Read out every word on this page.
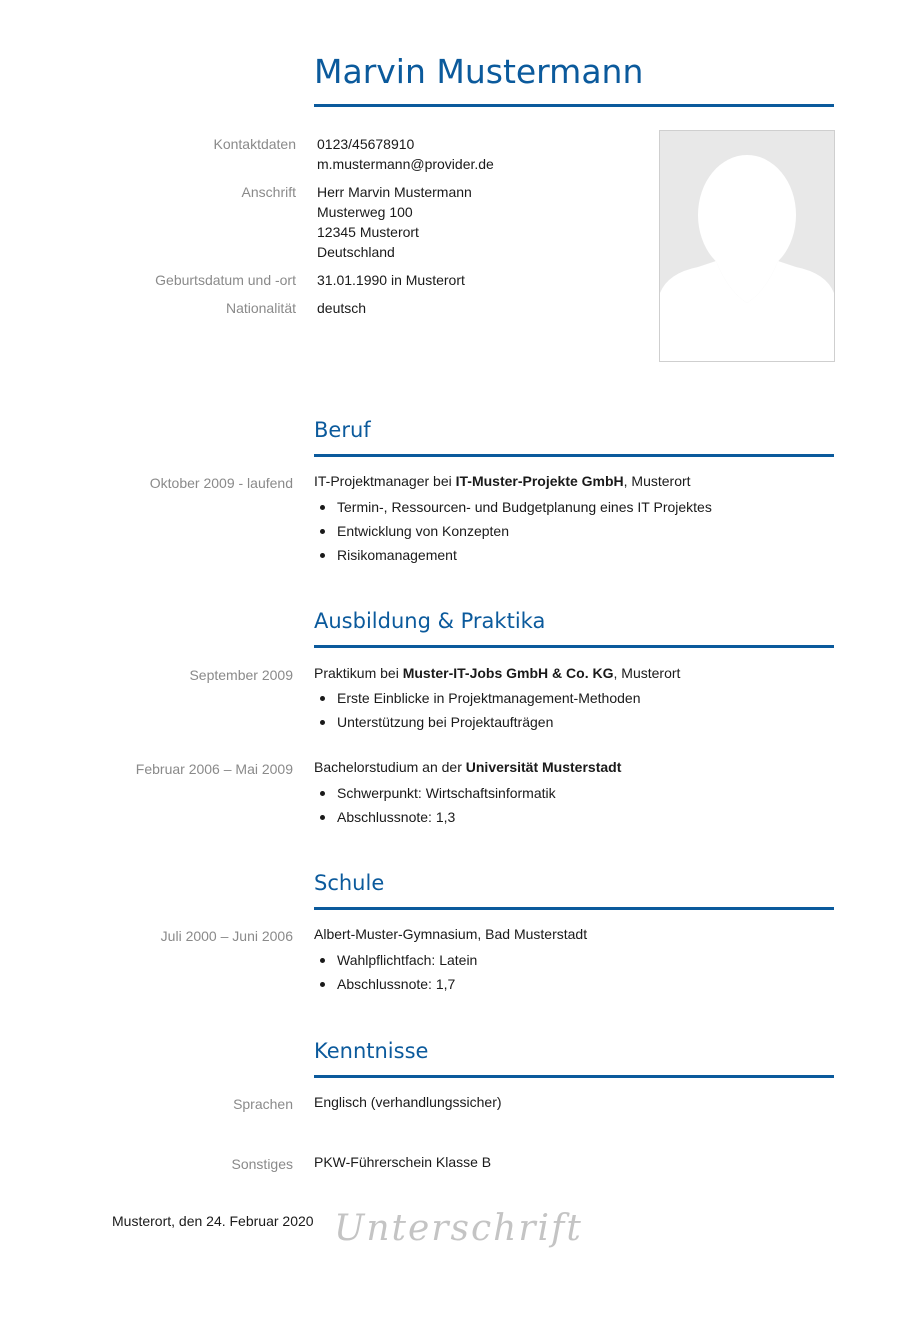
Marvin Mustermann
Kontaktdaten 0123/45678910
m.mustermann@provider.de
Anschrift Herr Marvin Mustermann
Musterweg 100
12345 Musterort
Deutschland
Geburtsdatum und -ort 31.01.1990 in Musterort
Nationalität deutsch
Beruf
Oktober 2009 - laufend IT-Projektmanager bei IT-Muster-Projekte GmbH, Musterort
Termin-, Ressourcen- und Budgetplanung eines IT Projektes
Entwicklung von Konzepten
Risikomanagement
Ausbildung & Praktika
September 2009 Praktikum bei Muster-IT-Jobs GmbH & Co. KG, Musterort
Erste Einblicke in Projektmanagement-Methoden
Unterstützung bei Projektaufträgen
Februar 2006 – Mai 2009 Bachelorstudium an der Universität Musterstadt
Schwerpunkt: Wirtschaftsinformatik
Abschlussnote: 1,3
Schule
Juli 2000 – Juni 2006 Albert-Muster-Gymnasium, Bad Musterstadt
Wahlpflichtfach: Latein
Abschlussnote: 1,7
Kenntnisse
Sprachen Englisch (verhandlungssicher)
Sonstiges PKW-Führerschein Klasse B
Musterort, den 24. Februar 2020 Unterschrift
